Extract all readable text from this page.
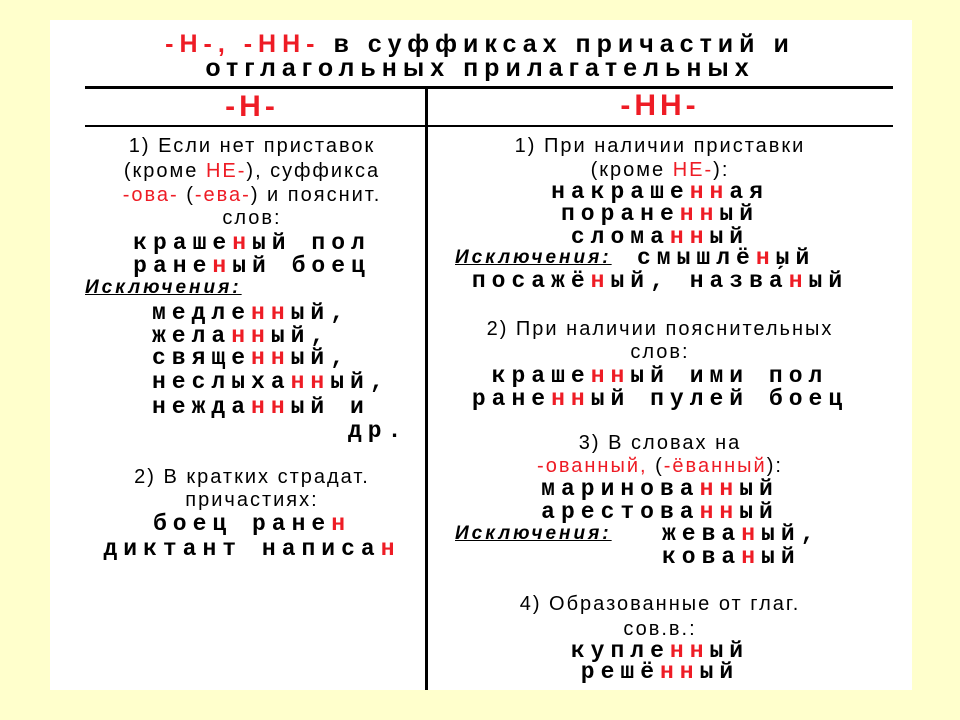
-Н-, -НН- в суффиксах причастий и
отглагольных прилагательных
-Н-
1) Если нет приставок
(кроме НЕ-), суффикса
-ова- (-ева-) и пояснит.
слов:
крашеный пол
раненый боец
Исключения:
медленный,
желанный,
священный,
неслыханный,
нежданный и
др.
2) В кратких страдат.
причастиях:
боец ранен
диктант написан
-НН-
1) При наличии приставки
(кроме НЕ-):
накрашенная
пораненный
сломанный
Исключения: смышлёный
посажёный, назва́ный
2) При наличии пояснительных
слов:
крашенный ими пол
раненный пулей боец
3) В словах на
-ованный, (-ёванный):
маринованный
арестованный
Исключения: жеваный,
кованый
4) Образованные от глаг.
сов.в.:
купленный
решённый
